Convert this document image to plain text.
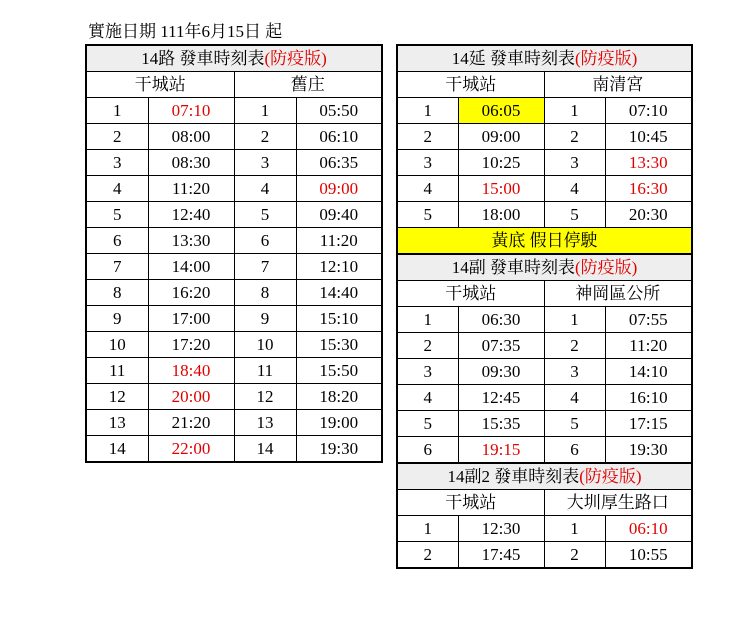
實施日期 111年6月15日 起
14路 發車時刻表(防疫版)			
干城站		舊庄	
1	07:10	1	05:50
2	08:00	2	06:10
3	08:30	3	06:35
4	11:20	4	09:00
5	12:40	5	09:40
6	13:30	6	11:20
7	14:00	7	12:10
8	16:20	8	14:40
9	17:00	9	15:10
10	17:20	10	15:30
11	18:40	11	15:50
12	20:00	12	18:20
13	21:20	13	19:00
14	22:00	14	19:30
14延 發車時刻表(防疫版)			
干城站		南清宮	
1	06:05	1	07:10
2	09:00	2	10:45
3	10:25	3	13:30
4	15:00	4	16:30
5	18:00	5	20:30
黃底 假日停駛			
14副 發車時刻表(防疫版)			
干城站		神岡區公所	
1	06:30	1	07:55
2	07:35	2	11:20
3	09:30	3	14:10
4	12:45	4	16:10
5	15:35	5	17:15
6	19:15	6	19:30
14副2 發車時刻表(防疫版)			
干城站		大圳厚生路口	
1	12:30	1	06:10
2	17:45	2	10:55
